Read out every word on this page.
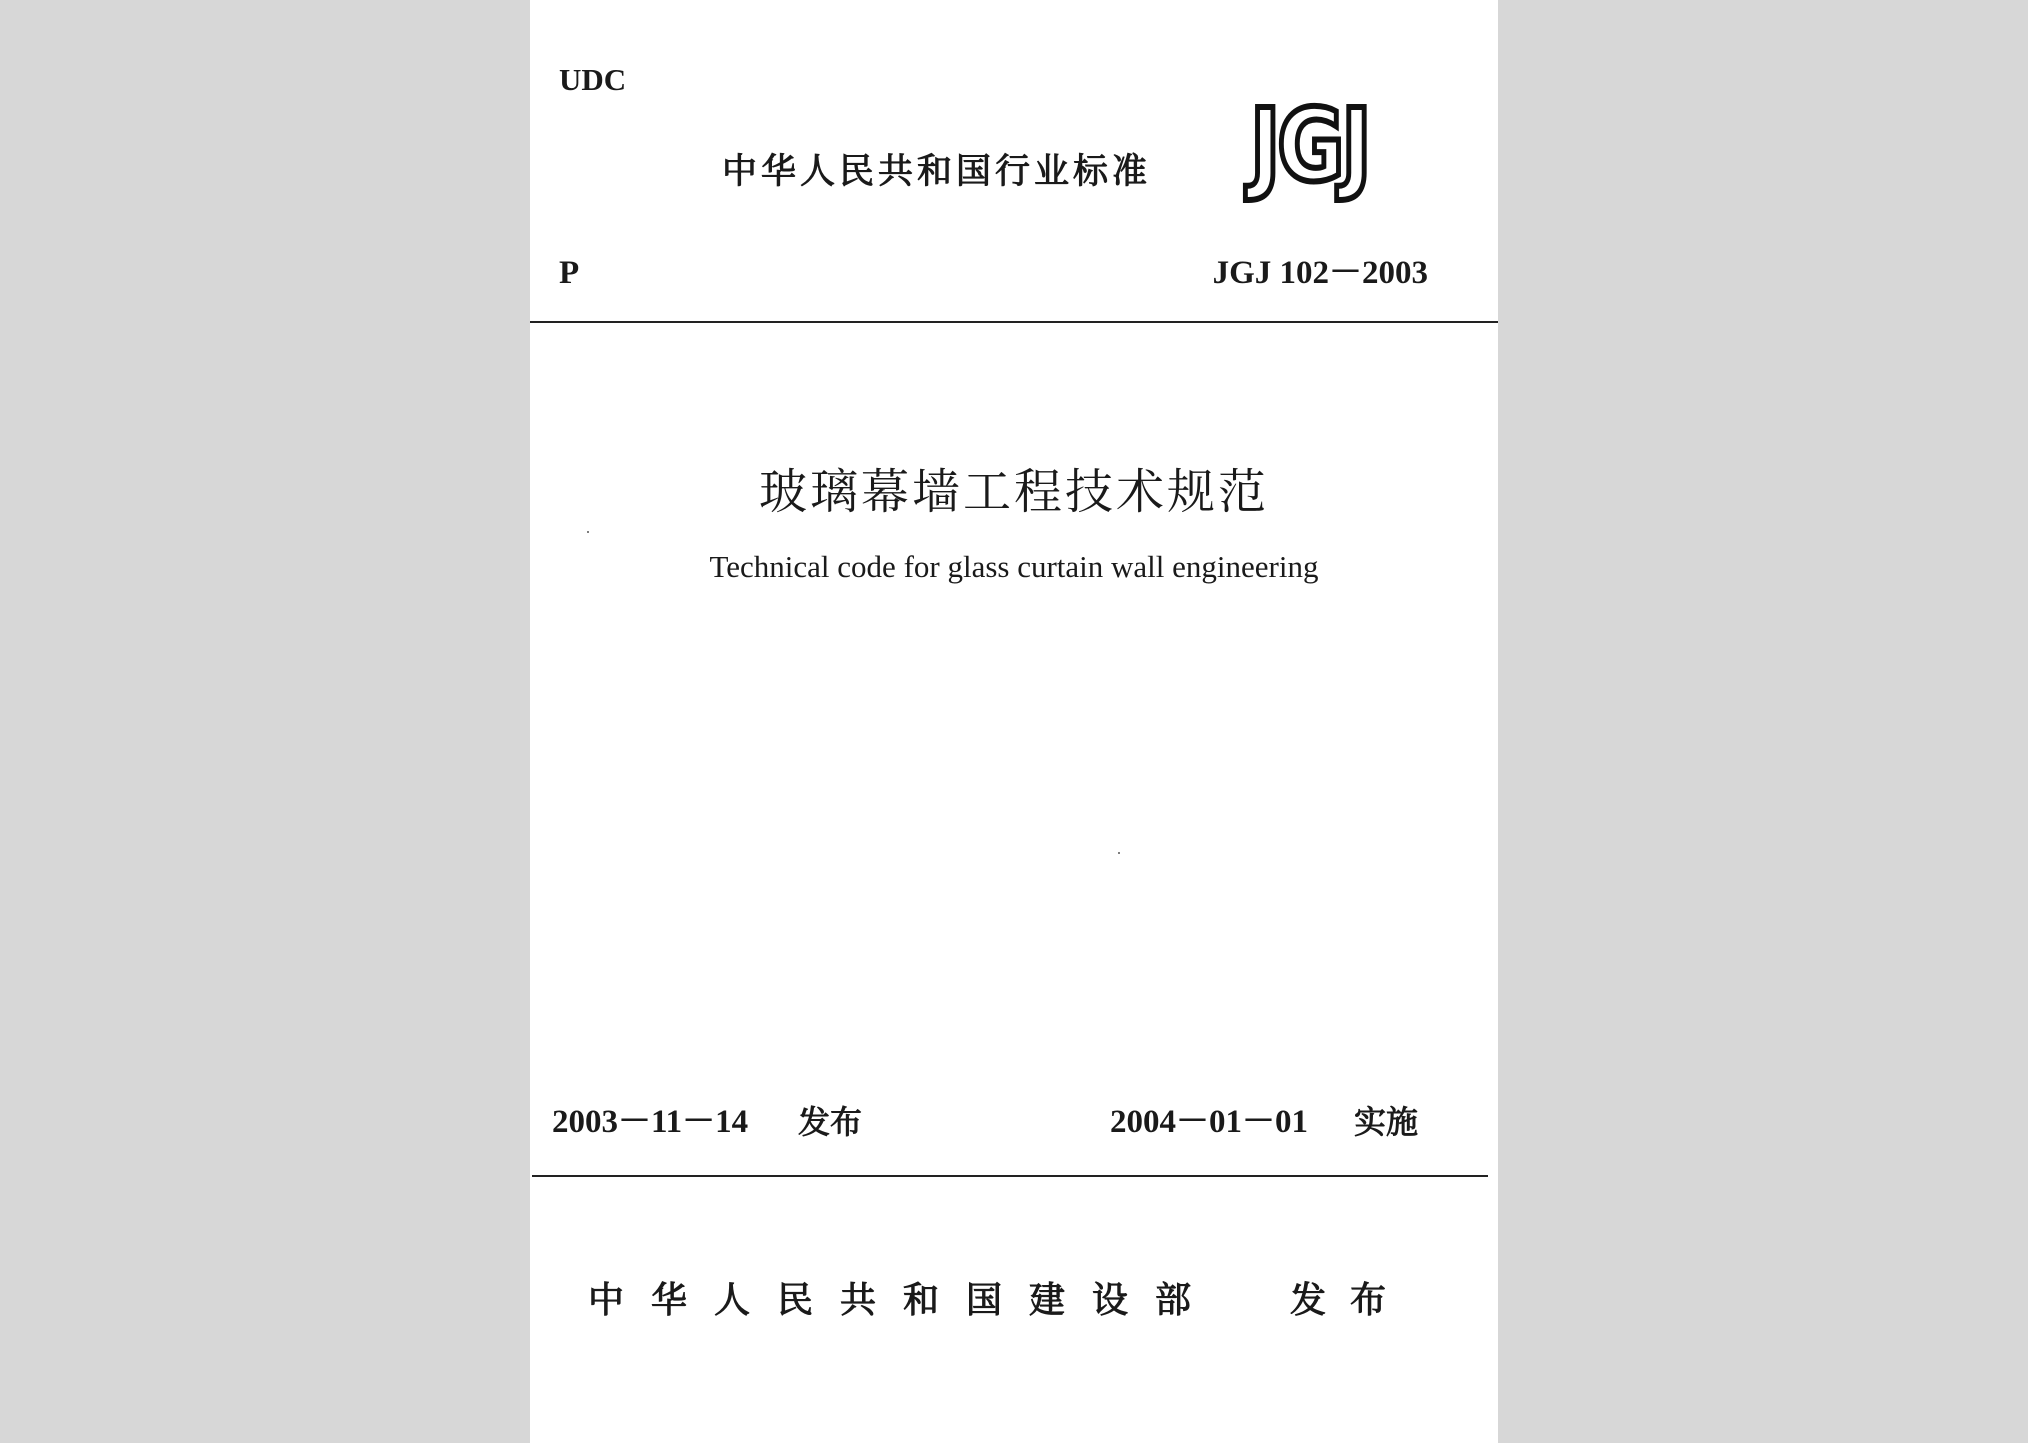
UDC
中华人民共和国行业标准 JGJ
P	JGJ 102－2003
玻璃幕墙工程技术规范
Technical code for glass curtain wall engineering
2003－11－14 发布	2004－01－01 实施
中华人民共和国建设部 发布
